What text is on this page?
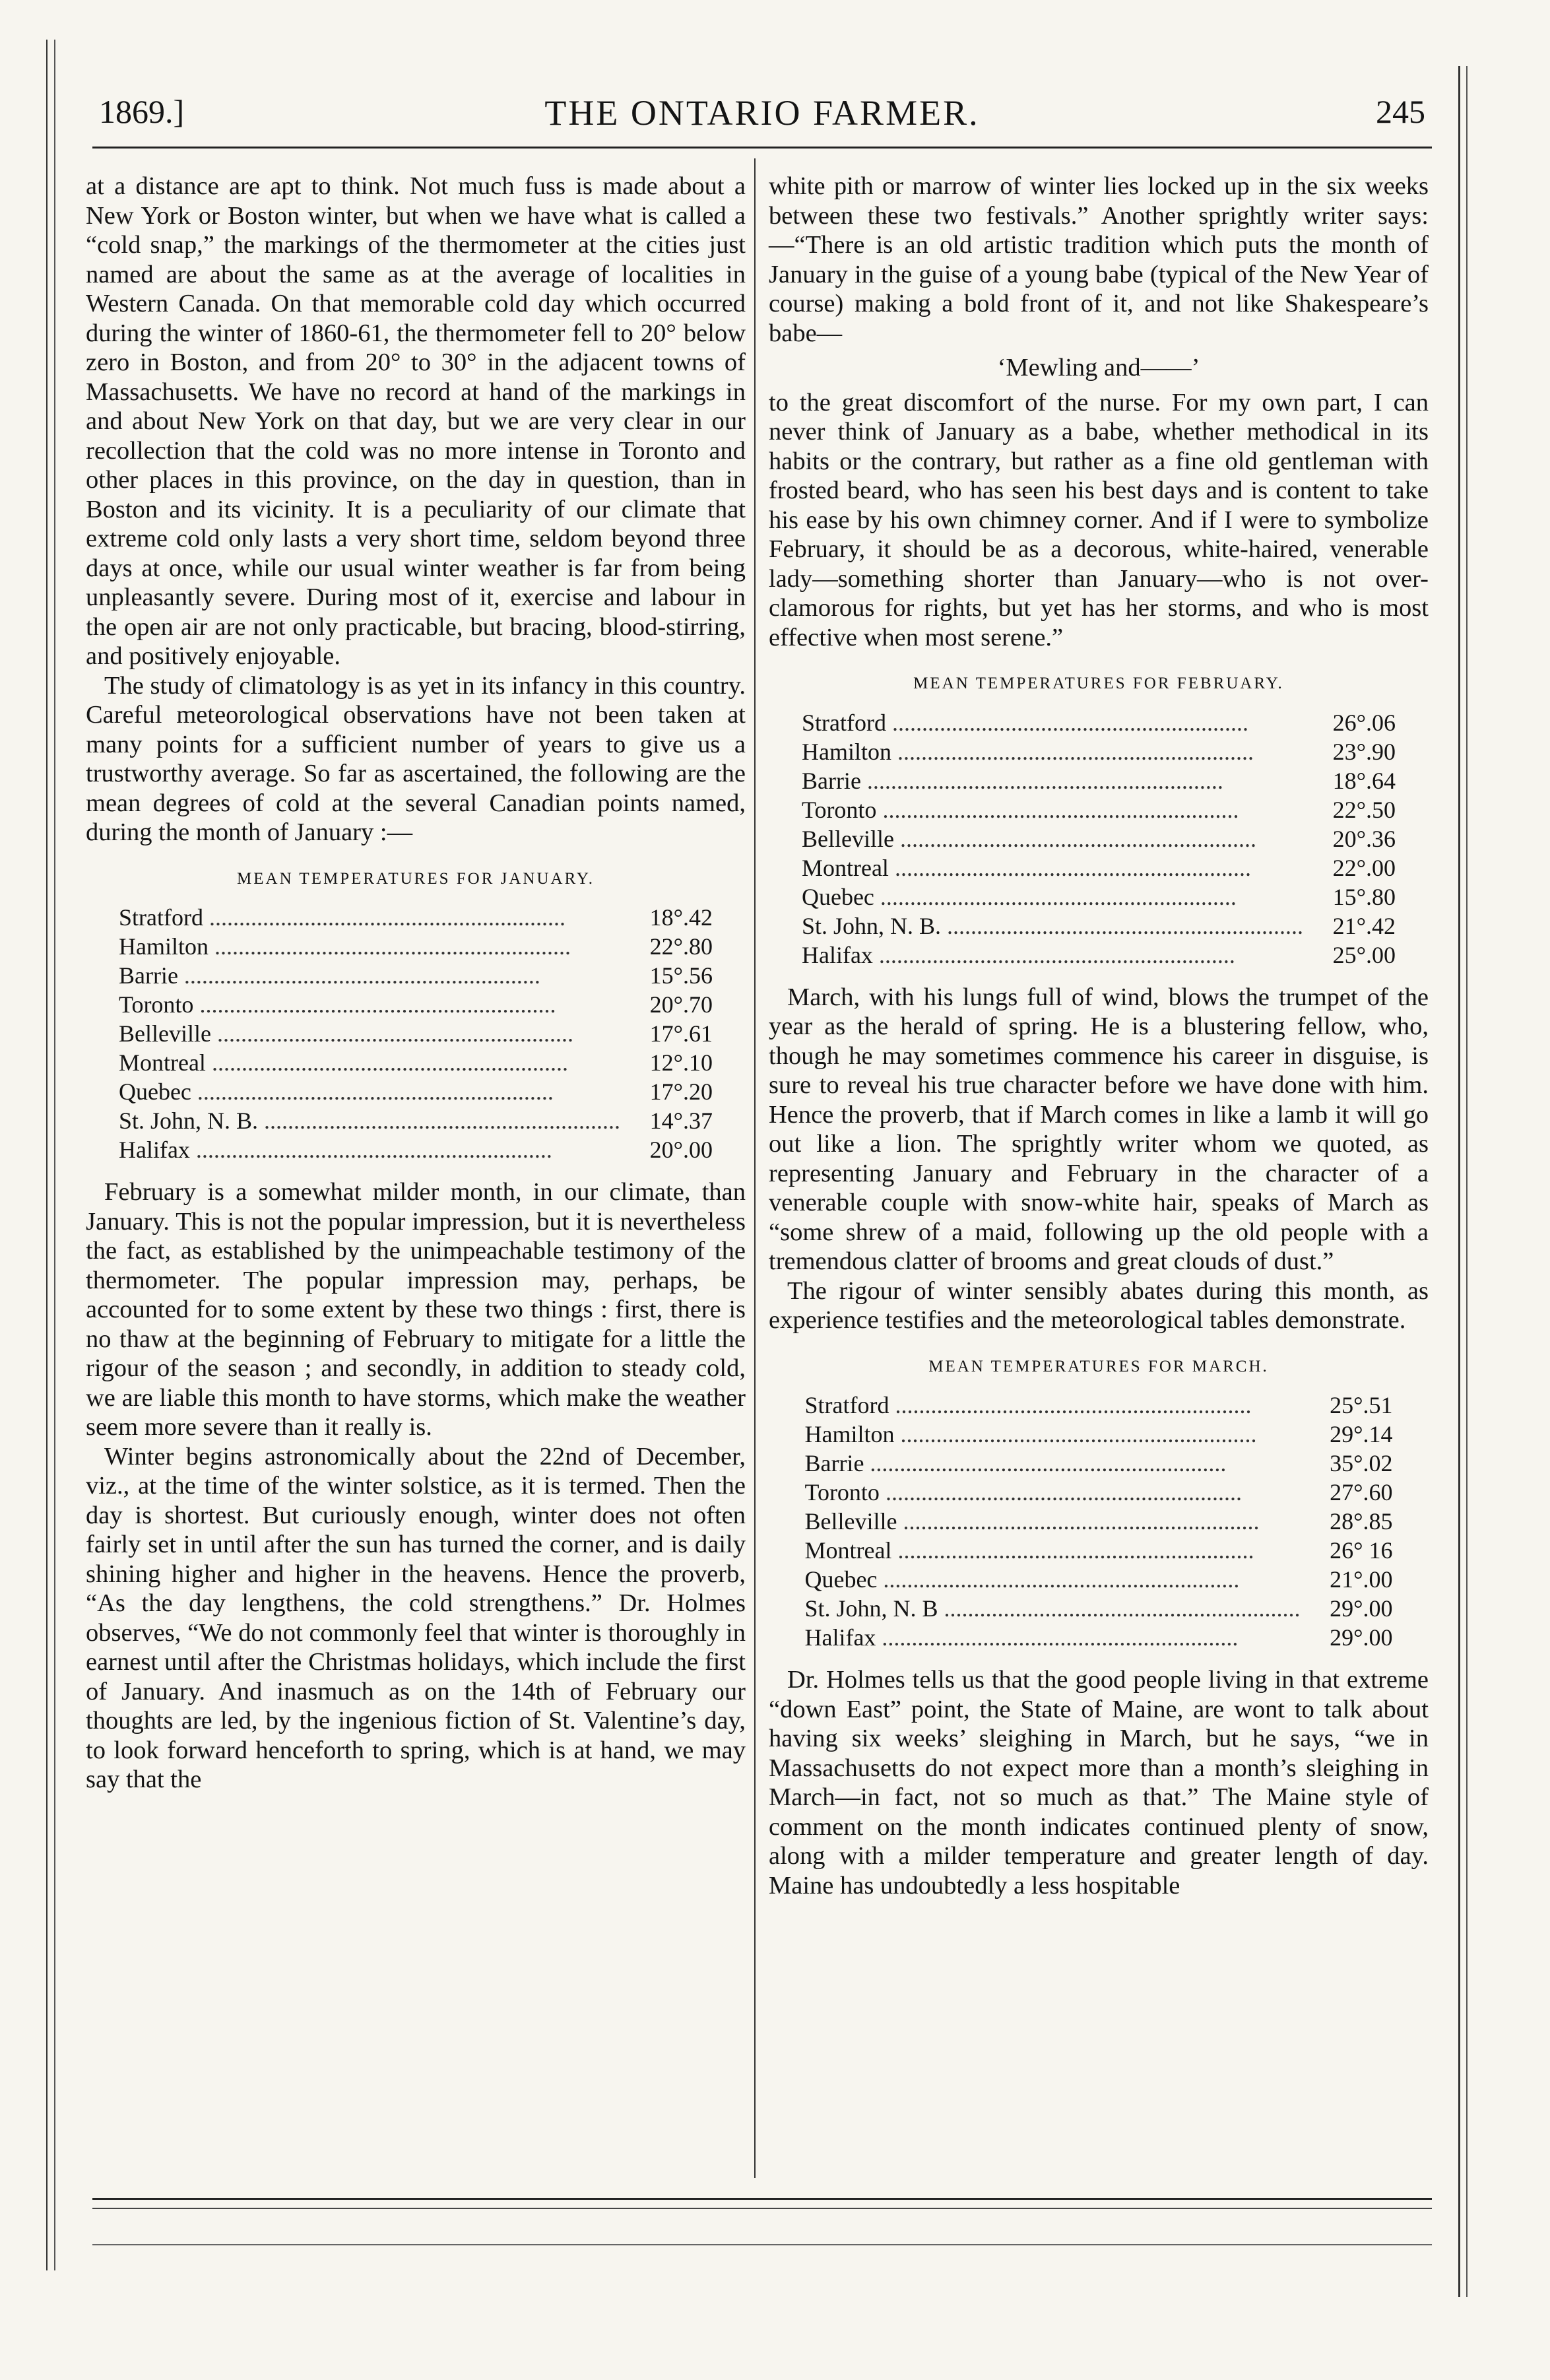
1869.]	THE ONTARIO FARMER.	245

at a distance are apt to think. Not much fuss is made about a New York or Boston winter, but when we have what is called a “cold snap,” the markings of the thermometer at the cities just named are about the same as at the average of localities in Western Canada. On that memorable cold day which occurred during the winter of 1860-61, the thermometer fell to 20° below zero in Boston, and from 20° to 30° in the adjacent towns of Massachusetts. We have no record at hand of the markings in and about New York on that day, but we are very clear in our recollection that the cold was no more intense in Toronto and other places in this province, on the day in question, than in Boston and its vicinity. It is a peculiarity of our climate that extreme cold only lasts a very short time, seldom beyond three days at once, while our usual winter weather is far from being unpleasantly severe. During most of it, exercise and labour in the open air are not only practicable, but bracing, blood-stirring, and positively enjoyable.

The study of climatology is as yet in its infancy in this country. Careful meteorological observations have not been taken at many points for a sufficient number of years to give us a trustworthy average. So far as ascertained, the following are the mean degrees of cold at the several Canadian points named, during the month of January :—

MEAN TEMPERATURES FOR JANUARY.
Stratford ............................................................	18°.42
Hamilton ............................................................	22°.80
Barrie ............................................................	15°.56
Toronto ............................................................	20°.70
Belleville ............................................................	17°.61
Montreal ............................................................	12°.10
Quebec ............................................................	17°.20
St. John, N. B. ............................................................	14°.37
Halifax ............................................................	20°.00

February is a somewhat milder month, in our climate, than January. This is not the popular impression, but it is nevertheless the fact, as established by the unimpeachable testimony of the thermometer. The popular impression may, perhaps, be accounted for to some extent by these two things : first, there is no thaw at the beginning of February to mitigate for a little the rigour of the season ; and secondly, in addition to steady cold, we are liable this month to have storms, which make the weather seem more severe than it really is.

Winter begins astronomically about the 22nd of December, viz., at the time of the winter solstice, as it is termed. Then the day is shortest. But curiously enough, winter does not often fairly set in until after the sun has turned the corner, and is daily shining higher and higher in the heavens. Hence the proverb, “As the day lengthens, the cold strengthens.” Dr. Holmes observes, “We do not commonly feel that winter is thoroughly in earnest until after the Christmas holidays, which include the first of January. And inasmuch as on the 14th of February our thoughts are led, by the ingenious fiction of St. Valentine’s day, to look forward henceforth to spring, which is at hand, we may say that the

white pith or marrow of winter lies locked up in the six weeks between these two festivals.” Another sprightly writer says:—“There is an old artistic tradition which puts the month of January in the guise of a young babe (typical of the New Year of course) making a bold front of it, and not like Shakespeare’s babe—

‘Mewling and——’

to the great discomfort of the nurse. For my own part, I can never think of January as a babe, whether methodical in its habits or the contrary, but rather as a fine old gentleman with frosted beard, who has seen his best days and is content to take his ease by his own chimney corner. And if I were to symbolize February, it should be as a decorous, white-haired, venerable lady—something shorter than January—who is not over-clamorous for rights, but yet has her storms, and who is most effective when most serene.”

MEAN TEMPERATURES FOR FEBRUARY.
Stratford ............................................................	26°.06
Hamilton ............................................................	23°.90
Barrie ............................................................	18°.64
Toronto ............................................................	22°.50
Belleville ............................................................	20°.36
Montreal ............................................................	22°.00
Quebec ............................................................	15°.80
St. John, N. B. ............................................................	21°.42
Halifax ............................................................	25°.00

March, with his lungs full of wind, blows the trumpet of the year as the herald of spring. He is a blustering fellow, who, though he may sometimes commence his career in disguise, is sure to reveal his true character before we have done with him. Hence the proverb, that if March comes in like a lamb it will go out like a lion. The sprightly writer whom we quoted, as representing January and February in the character of a venerable couple with snow-white hair, speaks of March as “some shrew of a maid, following up the old people with a tremendous clatter of brooms and great clouds of dust.”

The rigour of winter sensibly abates during this month, as experience testifies and the meteorological tables demonstrate.

MEAN TEMPERATURES FOR MARCH.
Stratford ............................................................	25°.51
Hamilton ............................................................	29°.14
Barrie ............................................................	35°.02
Toronto ............................................................	27°.60
Belleville ............................................................	28°.85
Montreal ............................................................	26° 16
Quebec ............................................................	21°.00
St. John, N. B ............................................................	29°.00
Halifax ............................................................	29°.00

Dr. Holmes tells us that the good people living in that extreme “down East” point, the State of Maine, are wont to talk about having six weeks’ sleighing in March, but he says, “we in Massachusetts do not expect more than a month’s sleighing in March—in fact, not so much as that.” The Maine style of comment on the month indicates continued plenty of snow, along with a milder temperature and greater length of day. Maine has undoubtedly a less hospitable
